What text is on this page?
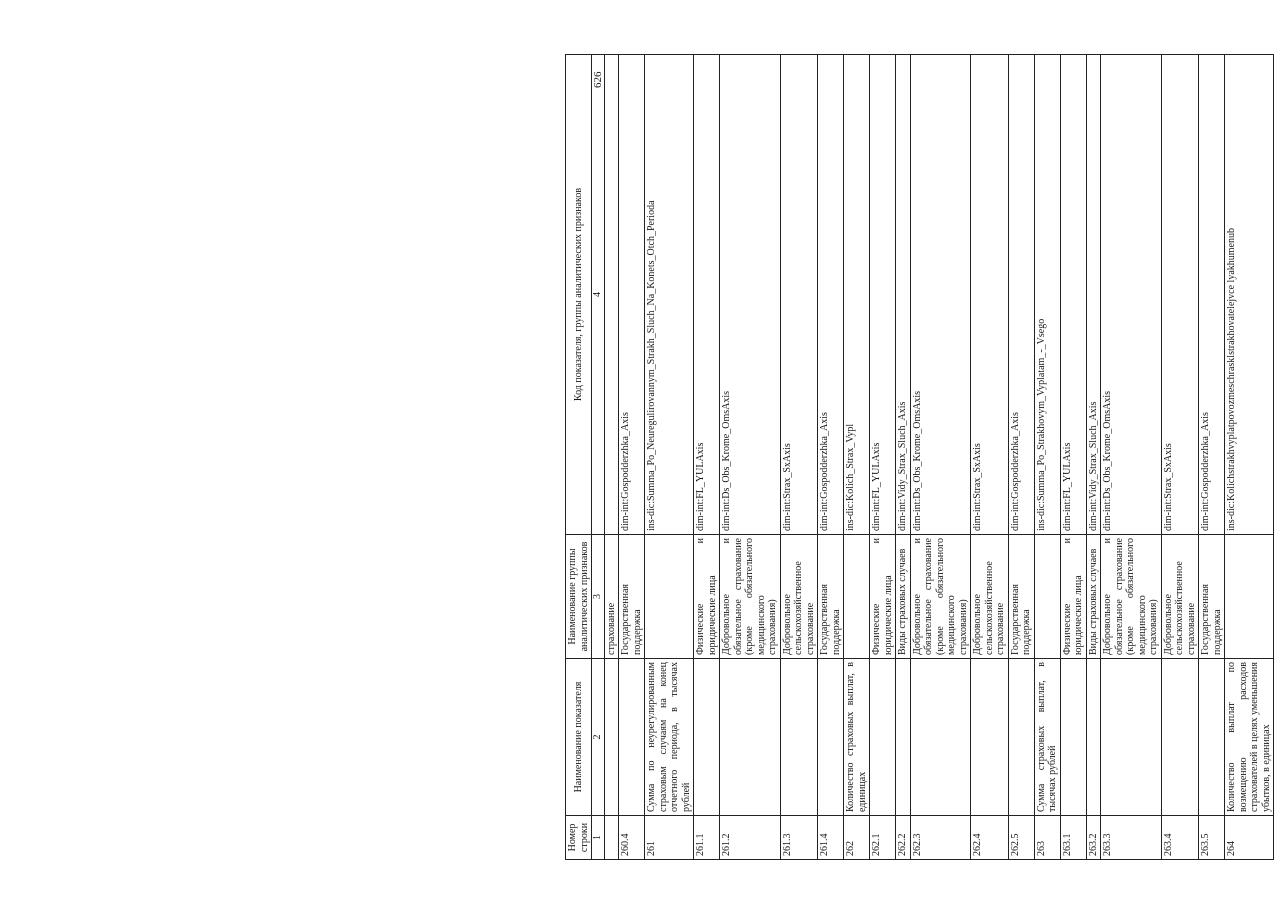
Номер строки	Наименование показателя	Наименование группы аналитических признаков	Код показателя, группы аналитических признаков
1	2	3	4
		страхование	
260.4		Государственная поддержка	dim-int:Gospodderzhka_Axis
261	Сумма по неурегулированным страховым случаям на конец отчетного периода, в тысячах рублей		ins-dic:Summa_Po_Neuregulirovannym_Strakh_Sluch_Na_Konets_Otch_Perioda
261.1		Физические и юридические лица	dim-int:FL_YULAxis
261.2		Добровольное и обязательное страхование (кроме обязательного медицинского страхования)	dim-int:Ds_Obs_Krome_OmsAxis
261.3		Добровольное сельскохозяйственное страхование	dim-int:Strax_SxAxis
261.4		Государственная поддержка	dim-int:Gospodderzhka_Axis
262	Количество страховых выплат, в единицах		ins-dic:Kolich_Strax_Vypl
262.1		Физические и юридические лица	dim-int:FL_YULAxis
262.2		Виды страховых случаев	dim-int:Vidy_Strax_Sluch_Axis
262.3		Добровольное и обязательное страхование (кроме обязательного медицинского страхования)	dim-int:Ds_Obs_Krome_OmsAxis
262.4		Добровольное сельскохозяйственное страхование	dim-int:Strax_SxAxis
262.5		Государственная поддержка	dim-int:Gospodderzhka_Axis
263	Сумма страховых выплат, в тысячах рублей		ins-dic:Summa_Po_Strakhovym_Vyplatam_-_Vsego
263.1		Физические и юридические лица	dim-int:FL_YULAxis
263.2		Виды страховых случаев	dim-int:Vidy_Strax_Sluch_Axis
263.3		Добровольное и обязательное страхование (кроме обязательного медицинского страхования)	dim-int:Ds_Obs_Krome_OmsAxis
263.4		Добровольное сельскохозяйственное страхование	dim-int:Strax_SxAxis
263.5		Государственная поддержка	dim-int:Gospodderzhka_Axis
264	Количество выплат по возмещению расходов страхователей в целях уменьшения убытков, в единицах		ins-dic:Kolichstrakhvyplatpovozmeschrasklstrakhovatelejvce lyakhumenub
626
